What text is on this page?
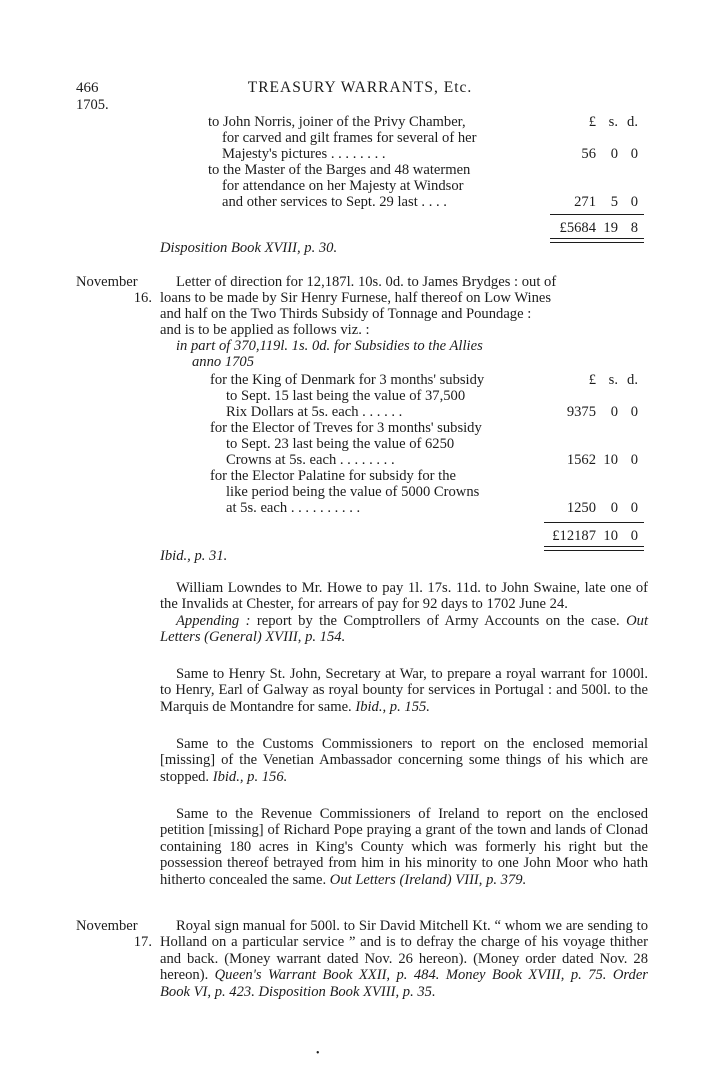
466	TREASURY WARRANTS, Etc.
1705.
£ s. d.
to John Norris, joiner of the Privy Chamber,
for carved and gilt frames for several of her
Majesty's pictures . . . . . . . .	56	0 0
to the Master of the Barges and 48 watermen
for attendance on her Majesty at Windsor
and other services to Sept. 29 last . . . .	271	5 0
£5684 19 8
Disposition Book XVIII, p. 30.
November
16.
Letter of direction for 12,187l. 10s. 0d. to James Brydges : out of
loans to be made by Sir Henry Furnese, half thereof on Low Wines
and half on the Two Thirds Subsidy of Tonnage and Poundage :
and is to be applied as follows viz. :
in part of 370,119l. 1s. 0d. for Subsidies to the Allies
anno 1705
£ s. d.
for the King of Denmark for 3 months' subsidy
to Sept. 15 last being the value of 37,500
Rix Dollars at 5s. each . . . . . .	9375	0 0
for the Elector of Treves for 3 months' subsidy
to Sept. 23 last being the value of 6250
Crowns at 5s. each . . . . . . . .	1562 10 0
for the Elector Palatine for subsidy for the
like period being the value of 5000 Crowns
at 5s. each . . . . . . . . . .	1250	0 0
£12187 10 0
Ibid., p. 31.

William Lowndes to Mr. Howe to pay 1l. 17s. 11d. to John Swaine, late one of the Invalids at Chester, for arrears of pay for 92 days to 1702 June 24.

Appending : report by the Comptrollers of Army Accounts on the case. Out Letters (General) XVIII, p. 154.

Same to Henry St. John, Secretary at War, to prepare a royal warrant for 1000l. to Henry, Earl of Galway as royal bounty for services in Portugal : and 500l. to the Marquis de Montandre for same. Ibid., p. 155.

Same to the Customs Commissioners to report on the enclosed memorial [missing] of the Venetian Ambassador concerning some things of his which are stopped. Ibid., p. 156.

Same to the Revenue Commissioners of Ireland to report on the enclosed petition [missing] of Richard Pope praying a grant of the town and lands of Clonad containing 180 acres in King's County which was formerly his right but the possession thereof betrayed from him in his minority to one John Moor who hath hitherto concealed the same. Out Letters (Ireland) VIII, p. 379.

November
17.

Royal sign manual for 500l. to Sir David Mitchell Kt. “ whom we are sending to Holland on a particular service ” and is to defray the charge of his voyage thither and back. (Money warrant dated Nov. 26 hereon). (Money order dated Nov. 28 hereon). Queen's Warrant Book XXII, p. 484. Money Book XVIII, p. 75. Order Book VI, p. 423. Disposition Book XVIII, p. 35.

•
